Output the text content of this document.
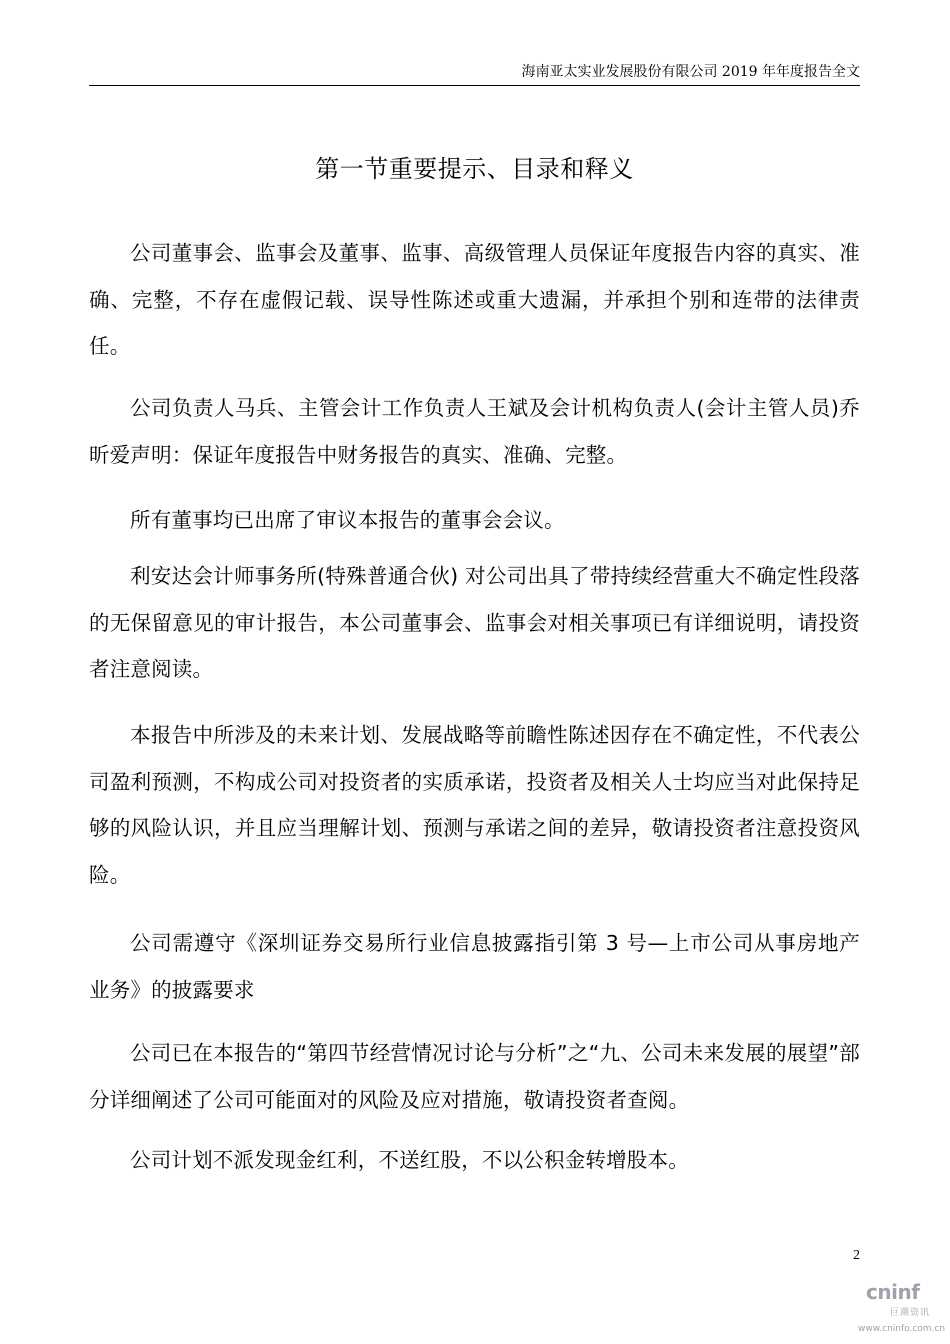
海南亚太实业发展股份有限公司 2019 年年度报告全文
第一节重要提示、目录和释义

公司董事会、监事会及董事、监事、高级管理人员保证年度报告内容的真实、准确、完整，不存在虚假记载、误导性陈述或重大遗漏，并承担个别和连带的法律责任。

公司负责人马兵、主管会计工作负责人王斌及会计机构负责人(会计主管人员)乔昕爱声明：保证年度报告中财务报告的真实、准确、完整。

所有董事均已出席了审议本报告的董事会会议。

利安达会计师事务所(特殊普通合伙) 对公司出具了带持续经营重大不确定性段落的无保留意见的审计报告，本公司董事会、监事会对相关事项已有详细说明，请投资者注意阅读。

本报告中所涉及的未来计划、发展战略等前瞻性陈述因存在不确定性，不代表公司盈利预测，不构成公司对投资者的实质承诺，投资者及相关人士均应当对此保持足够的风险认识，并且应当理解计划、预测与承诺之间的差异，敬请投资者注意投资风险。

公司需遵守《深圳证券交易所行业信息披露指引第 3 号—上市公司从事房地产业务》的披露要求

公司已在本报告的“第四节经营情况讨论与分析”之“九、公司未来发展的展望”部分详细阐述了公司可能面对的风险及应对措施，敬请投资者查阅。

公司计划不派发现金红利，不送红股，不以公积金转增股本。

2
cninf
巨潮资讯
www.cninfo.com.cn
